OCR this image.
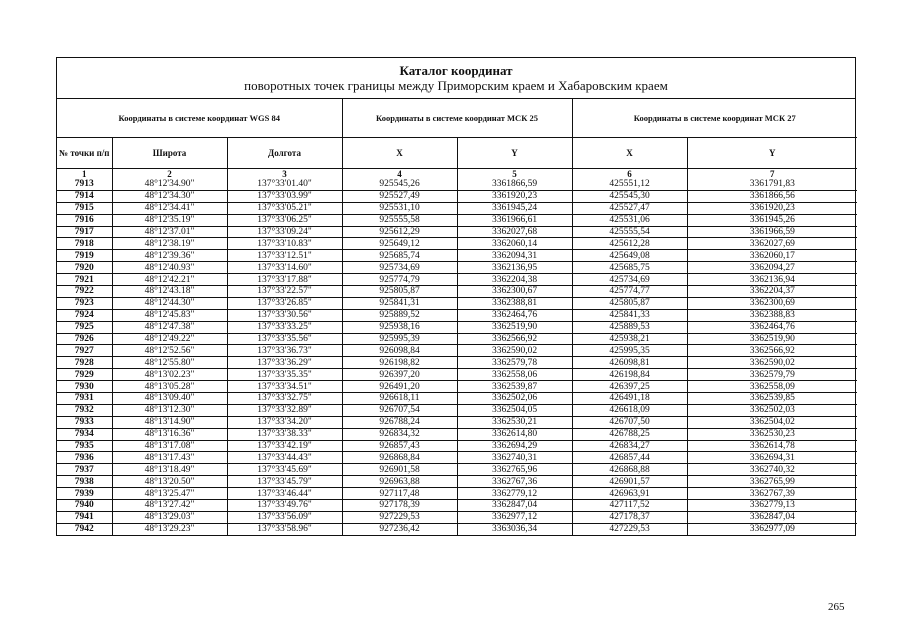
Каталог координат
поворотных точек границы между Приморским краем и Хабаровским краем
Координаты в системе координат WGS 84			Координаты в системе координат МСК 25		Координаты в системе координат МСК 27	
№ точки п/п	Широта	Долгота	X	Y	X	Y
1	2	3	4	5	6	7
7913	48°12'34.90"	137°33'01.40"	925545,26	3361866,59	425551,12	3361791,83
7914	48°12'34.30"	137°33'03.99"	925527,49	3361920,23	425545,30	3361866,56
7915	48°12'34.41"	137°33'05.21"	925531,10	3361945,24	425527,47	3361920,23
7916	48°12'35.19"	137°33'06.25"	925555,58	3361966,61	425531,06	3361945,26
7917	48°12'37.01"	137°33'09.24"	925612,29	3362027,68	425555,54	3361966,59
7918	48°12'38.19"	137°33'10.83"	925649,12	3362060,14	425612,28	3362027,69
7919	48°12'39.36"	137°33'12.51"	925685,74	3362094,31	425649,08	3362060,17
7920	48°12'40.93"	137°33'14.60"	925734,69	3362136,95	425685,75	3362094,27
7921	48°12'42.21"	137°33'17.88"	925774,79	3362204,38	425734,69	3362136,94
7922	48°12'43.18"	137°33'22.57"	925805,87	3362300,67	425774,77	3362204,37
7923	48°12'44.30"	137°33'26.85"	925841,31	3362388,81	425805,87	3362300,69
7924	48°12'45.83"	137°33'30.56"	925889,52	3362464,76	425841,33	3362388,83
7925	48°12'47.38"	137°33'33.25"	925938,16	3362519,90	425889,53	3362464,76
7926	48°12'49.22"	137°33'35.56"	925995,39	3362566,92	425938,21	3362519,90
7927	48°12'52.56"	137°33'36.73"	926098,84	3362590,02	425995,35	3362566,92
7928	48°12'55.80"	137°33'36.29"	926198,82	3362579,78	426098,81	3362590,02
7929	48°13'02.23"	137°33'35.35"	926397,20	3362558,06	426198,84	3362579,79
7930	48°13'05.28"	137°33'34.51"	926491,20	3362539,87	426397,25	3362558,09
7931	48°13'09.40"	137°33'32.75"	926618,11	3362502,06	426491,18	3362539,85
7932	48°13'12.30"	137°33'32.89"	926707,54	3362504,05	426618,09	3362502,03
7933	48°13'14.90"	137°33'34.20"	926788,24	3362530,21	426707,50	3362504,02
7934	48°13'16.36"	137°33'38.33"	926834,32	3362614,80	426788,25	3362530,23
7935	48°13'17.08"	137°33'42.19"	926857,43	3362694,29	426834,27	3362614,78
7936	48°13'17.43"	137°33'44.43"	926868,84	3362740,31	426857,44	3362694,31
7937	48°13'18.49"	137°33'45.69"	926901,58	3362765,96	426868,88	3362740,32
7938	48°13'20.50"	137°33'45.79"	926963,88	3362767,36	426901,57	3362765,99
7939	48°13'25.47"	137°33'46.44"	927117,48	3362779,12	426963,91	3362767,39
7940	48°13'27.42"	137°33'49.76"	927178,39	3362847,04	427117,52	3362779,13
7941	48°13'29.03"	137°33'56.09"	927229,53	3362977,12	427178,37	3362847,04
7942	48°13'29.23"	137°33'58.96"	927236,42	3363036,34	427229,53	3362977,09
265
